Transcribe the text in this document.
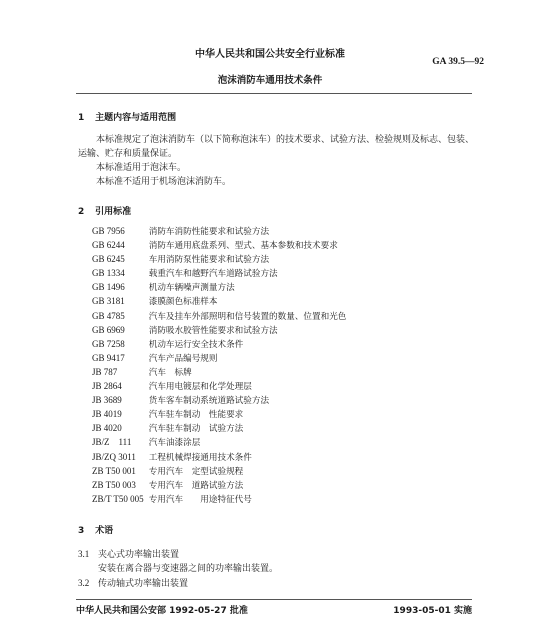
中华人民共和国公共安全行业标准
GA 39.5—92
泡沫消防车通用技术条件
1 主题内容与适用范围

本标准规定了泡沫消防车（以下简称泡沫车）的技术要求、试验方法、检验规则及标志、包装、运输、贮存和质量保证。

本标准适用于泡沫车。

本标准不适用于机场泡沫消防车。

2 引用标准
GB 7956	消防车消防性能要求和试验方法
GB 6244	消防车通用底盘系列、型式、基本参数和技术要求
GB 6245	车用消防泵性能要求和试验方法
GB 1334	载重汽车和越野汽车道路试验方法
GB 1496	机动车辆噪声测量方法
GB 3181	漆膜颜色标准样本
GB 4785	汽车及挂车外部照明和信号装置的数量、位置和光色
GB 6969	消防吸水胶管性能要求和试验方法
GB 7258	机动车运行安全技术条件
GB 9417	汽车产品编号规则
JB 787	汽车　标牌
JB 2864	汽车用电镀层和化学处理层
JB 3689	货车客车制动系统道路试验方法
JB 4019	汽车驻车制动　性能要求
JB 4020	汽车驻车制动　试验方法
JB/Z　111 汽车油漆涂层
JB/ZQ 3011 工程机械焊接通用技术条件
ZB T50 001 专用汽车　定型试验规程
ZB T50 003 专用汽车　道路试验方法
ZB/T T50 005 专用汽车　　用途特征代号
3 术语

3.1 夹心式功率输出装置

安装在离合器与变速器之间的功率输出装置。

3.2 传动轴式功率输出装置

中华人民共和国公安部 1992-05-27 批准	1993-05-01 实施
